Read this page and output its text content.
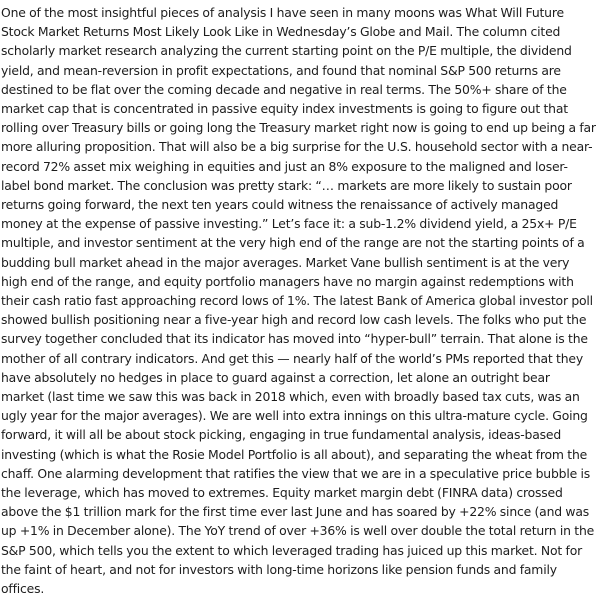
One of the most insightful pieces of analysis I have seen in many moons was What Will Future Stock Market Returns Most Likely Look Like in Wednesday’s Globe and Mail. The column cited scholarly market research analyzing the current starting point on the P/E multiple, the dividend yield, and mean-reversion in profit expectations, and found that nominal S&P 500 returns are destined to be flat over the coming decade and negative in real terms. The 50%+ share of the market cap that is concentrated in passive equity index investments is going to figure out that rolling over Treasury bills or going long the Treasury market right now is going to end up being a far more alluring proposition. That will also be a big surprise for the U.S. household sector with a near-record 72% asset mix weighing in equities and just an 8% exposure to the maligned and loser-label bond market. The conclusion was pretty stark: “… markets are more likely to sustain poor returns going forward, the next ten years could witness the renaissance of actively managed money at the expense of passive investing.” Let’s face it: a sub-1.2% dividend yield, a 25x+ P/E multiple, and investor sentiment at the very high end of the range are not the starting points of a budding bull market ahead in the major averages. Market Vane bullish sentiment is at the very high end of the range, and equity portfolio managers have no margin against redemptions with their cash ratio fast approaching record lows of 1%. The latest Bank of America global investor poll showed bullish positioning near a five-year high and record low cash levels. The folks who put the survey together concluded that its indicator has moved into “hyper-bull” terrain. That alone is the mother of all contrary indicators. And get this — nearly half of the world’s PMs reported that they have absolutely no hedges in place to guard against a correction, let alone an outright bear market (last time we saw this was back in 2018 which, even with broadly based tax cuts, was an ugly year for the major averages). We are well into extra innings on this ultra-mature cycle. Going forward, it will all be about stock picking, engaging in true fundamental analysis, ideas-based investing (which is what the Rosie Model Portfolio is all about), and separating the wheat from the chaff. One alarming development that ratifies the view that we are in a speculative price bubble is the leverage, which has moved to extremes. Equity market margin debt (FINRA data) crossed above the $1 trillion mark for the first time ever last June and has soared by +22% since (and was up +1% in December alone). The YoY trend of over +36% is well over double the total return in the S&P 500, which tells you the extent to which leveraged trading has juiced up this market. Not for the faint of heart, and not for investors with long-time horizons like pension funds and family offices.
